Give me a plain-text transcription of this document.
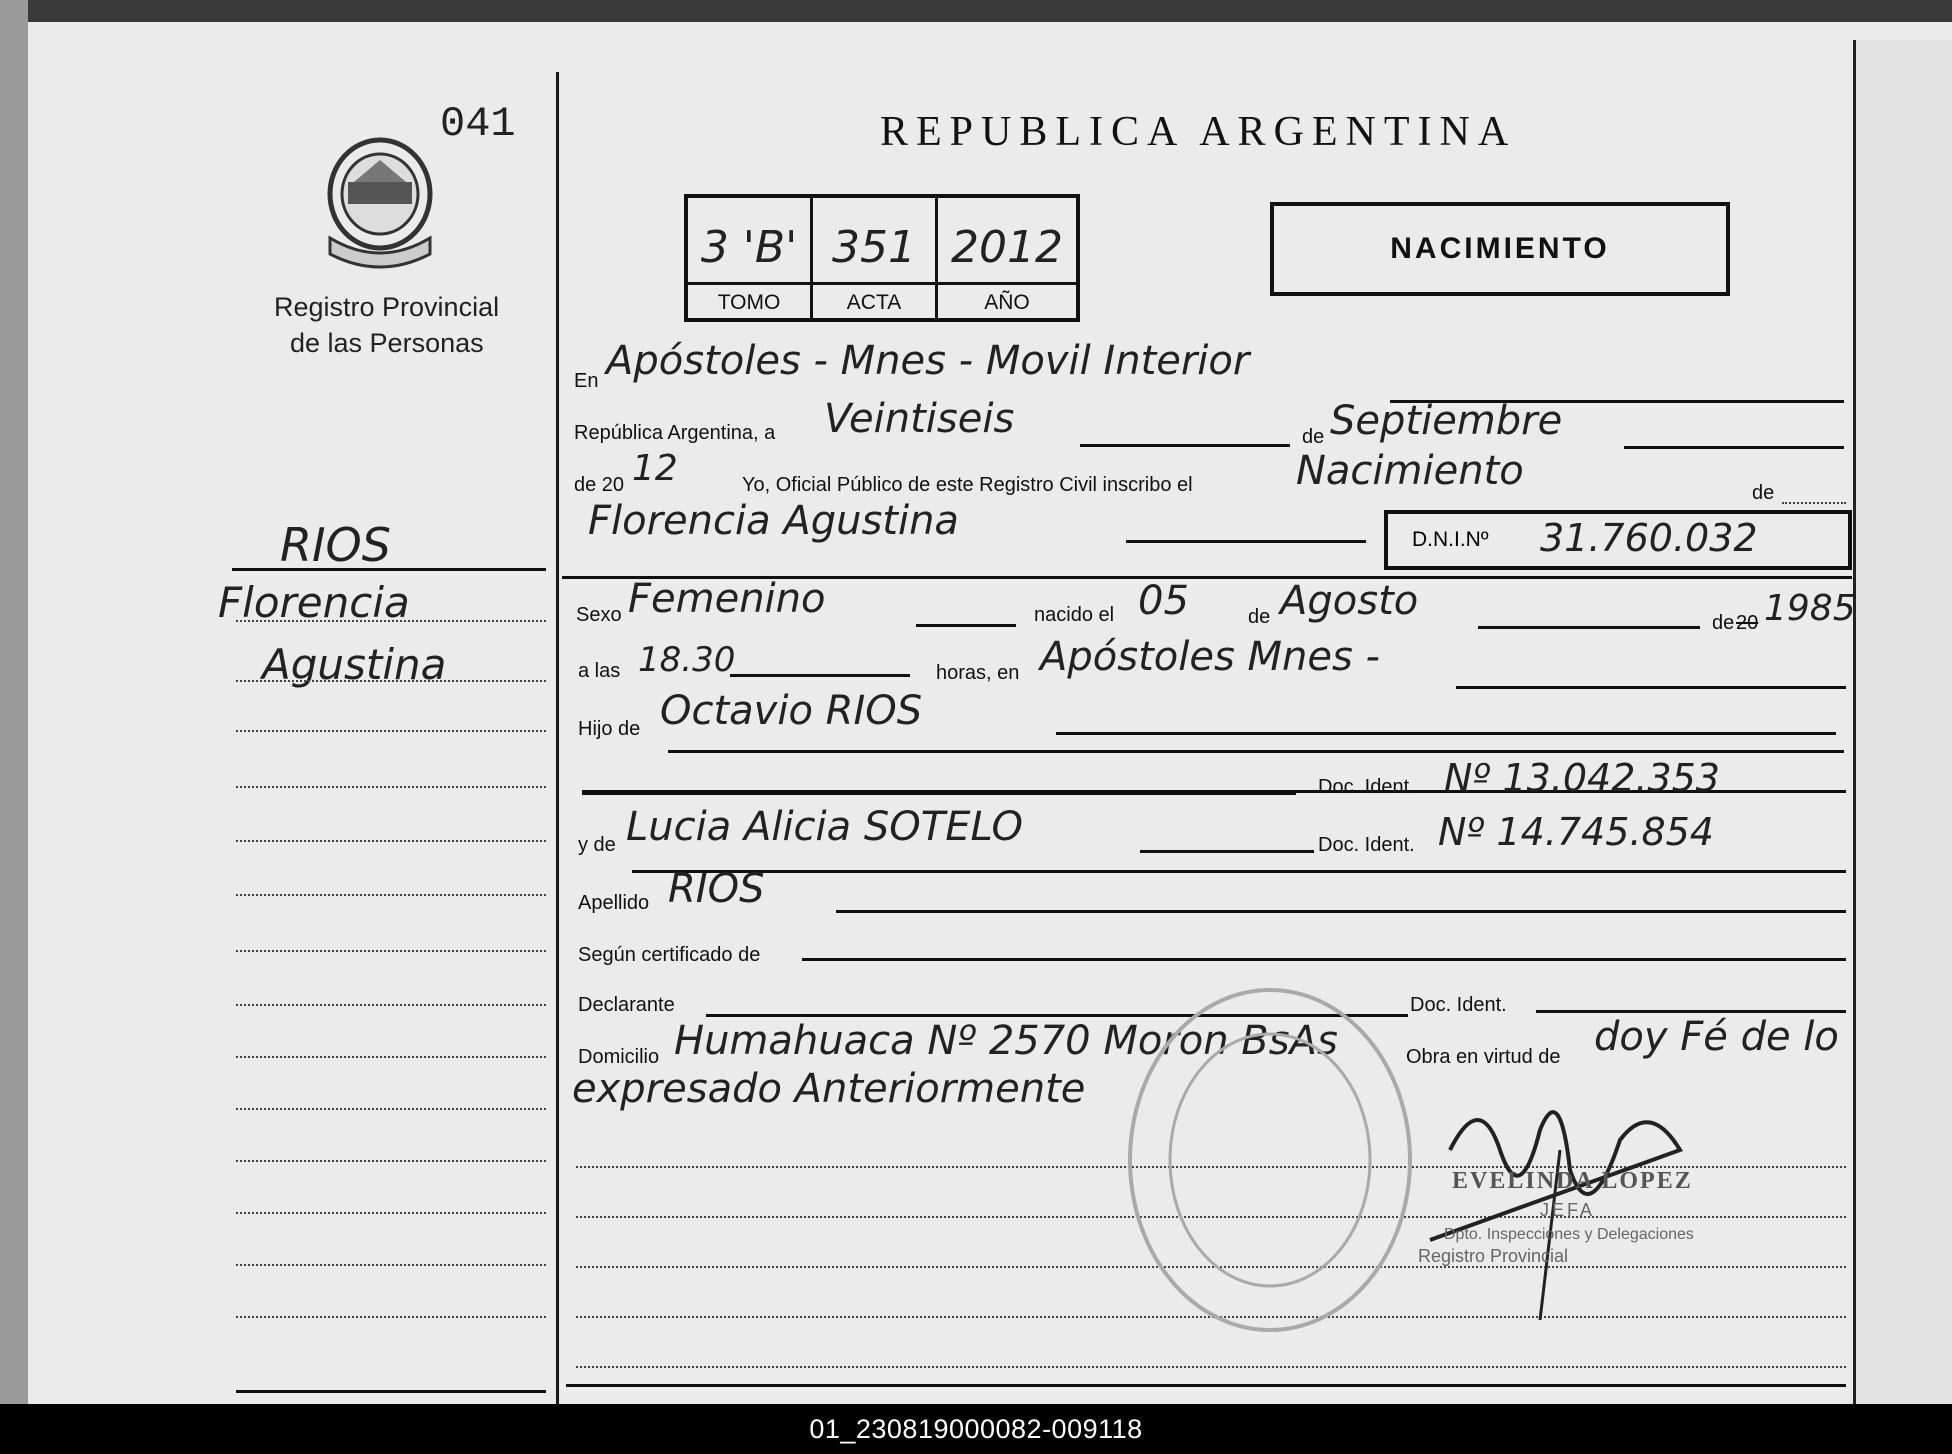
041
Registro Provincial
de las Personas
REPUBLICA ARGENTINA
3 'B' 351 2012
TOMO	ACTA	AÑO
NACIMIENTO
RIOS
Florencia
Agustina
En Apóstoles - Mnes - Movil Interior
República Argentina, a Veintiseis	de Septiembre
de 20 12	Yo, Oficial Público de este Registro Civil inscribo el	Nacimiento	de
Florencia Agustina	D.N.I.Nº 31.760.032
Sexo Femenino	nacido el 05	de Agosto	de 20 1985
a las 18.30	horas, en Apóstoles Mnes -
Hijo de Octavio RIOS
Doc. Ident. Nº 13.042.353
y de Lucia Alicia SOTELO	Doc. Ident. Nº 14.745.854
Apellido RIOS
Según certificado de
Declarante	Doc. Ident.
Domicilio Humahuaca Nº 2570 Moron BsAs	Obra en virtud de doy Fé de lo
expresado Anteriormente
EVELINDA LOPEZ
JEFA
Dpto. Inspecciones y Delegaciones
Registro Provincial
01_230819000082-009118
